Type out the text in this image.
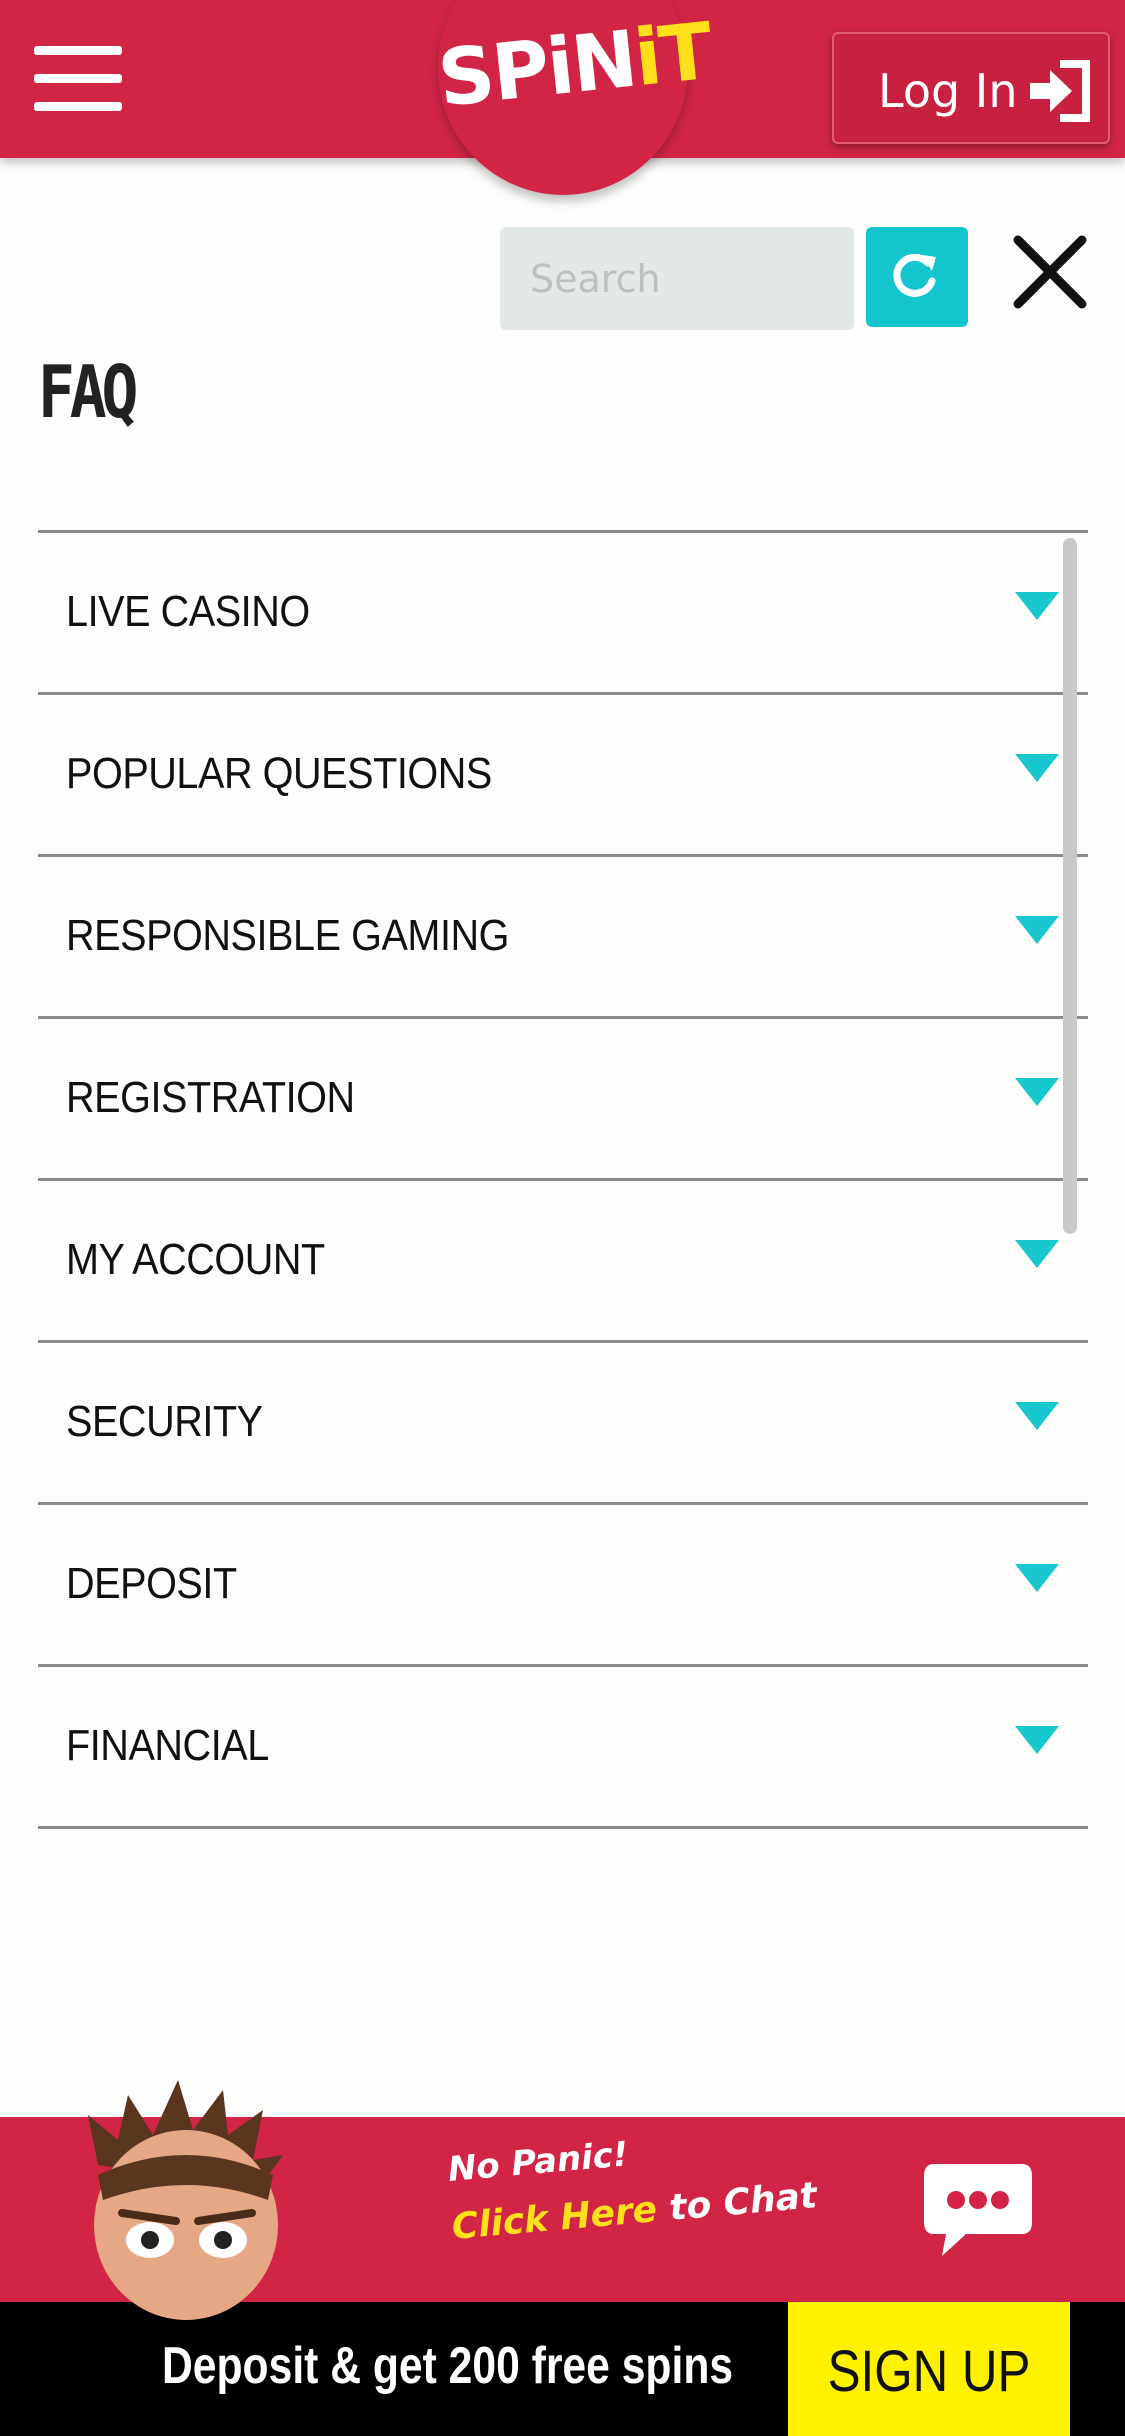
Log In
SPiNiT
Search
FAQ
LIVE CASINO
POPULAR QUESTIONS
RESPONSIBLE GAMING
REGISTRATION
MY ACCOUNT
SECURITY
DEPOSIT
FINANCIAL
No Panic!
Click Here to Chat
Deposit & get 200 free spins	SIGN UP
